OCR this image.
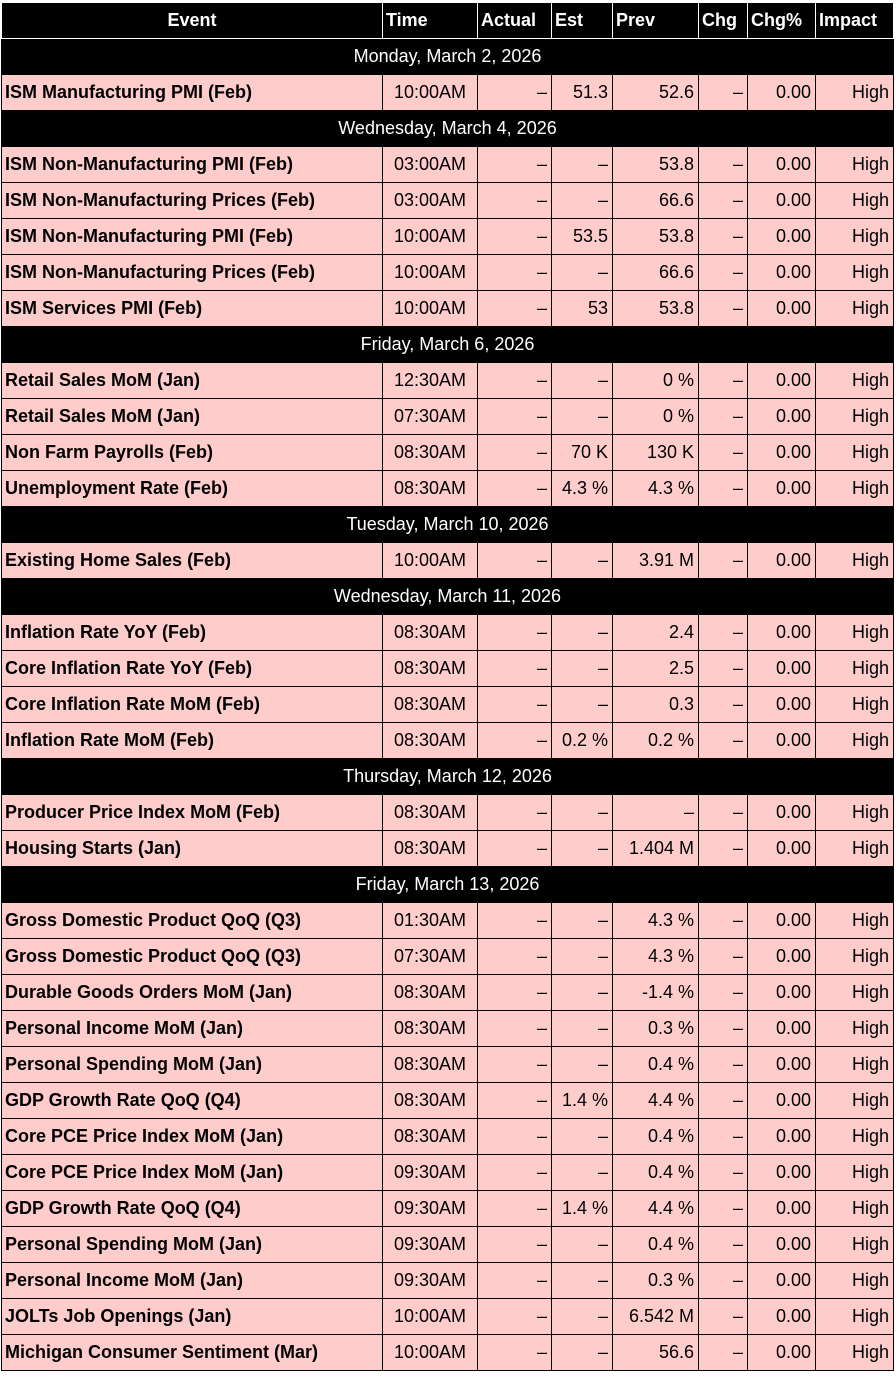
Event	Time	Actual	Est	Prev	Chg	Chg%	Impact
Monday, March 2, 2026							
ISM Manufacturing PMI (Feb)	10:00AM	–	51.3	52.6	–	0.00	High
Wednesday, March 4, 2026							
ISM Non-Manufacturing PMI (Feb)	03:00AM	–	–	53.8	–	0.00	High
ISM Non-Manufacturing Prices (Feb)	03:00AM	–	–	66.6	–	0.00	High
ISM Non-Manufacturing PMI (Feb)	10:00AM	–	53.5	53.8	–	0.00	High
ISM Non-Manufacturing Prices (Feb)	10:00AM	–	–	66.6	–	0.00	High
ISM Services PMI (Feb)	10:00AM	–	53	53.8	–	0.00	High
Friday, March 6, 2026							
Retail Sales MoM (Jan)	12:30AM	–	–	0 %	–	0.00	High
Retail Sales MoM (Jan)	07:30AM	–	–	0 %	–	0.00	High
Non Farm Payrolls (Feb)	08:30AM	–	70 K	130 K	–	0.00	High
Unemployment Rate (Feb)	08:30AM	–	4.3 %	4.3 %	–	0.00	High
Tuesday, March 10, 2026							
Existing Home Sales (Feb)	10:00AM	–	–	3.91 M	–	0.00	High
Wednesday, March 11, 2026							
Inflation Rate YoY (Feb)	08:30AM	–	–	2.4	–	0.00	High
Core Inflation Rate YoY (Feb)	08:30AM	–	–	2.5	–	0.00	High
Core Inflation Rate MoM (Feb)	08:30AM	–	–	0.3	–	0.00	High
Inflation Rate MoM (Feb)	08:30AM	–	0.2 %	0.2 %	–	0.00	High
Thursday, March 12, 2026							
Producer Price Index MoM (Feb)	08:30AM	–	–	–	–	0.00	High
Housing Starts (Jan)	08:30AM	–	–	1.404 M	–	0.00	High
Friday, March 13, 2026							
Gross Domestic Product QoQ (Q3)	01:30AM	–	–	4.3 %	–	0.00	High
Gross Domestic Product QoQ (Q3)	07:30AM	–	–	4.3 %	–	0.00	High
Durable Goods Orders MoM (Jan)	08:30AM	–	–	-1.4 %	–	0.00	High
Personal Income MoM (Jan)	08:30AM	–	–	0.3 %	–	0.00	High
Personal Spending MoM (Jan)	08:30AM	–	–	0.4 %	–	0.00	High
GDP Growth Rate QoQ (Q4)	08:30AM	–	1.4 %	4.4 %	–	0.00	High
Core PCE Price Index MoM (Jan)	08:30AM	–	–	0.4 %	–	0.00	High
Core PCE Price Index MoM (Jan)	09:30AM	–	–	0.4 %	–	0.00	High
GDP Growth Rate QoQ (Q4)	09:30AM	–	1.4 %	4.4 %	–	0.00	High
Personal Spending MoM (Jan)	09:30AM	–	–	0.4 %	–	0.00	High
Personal Income MoM (Jan)	09:30AM	–	–	0.3 %	–	0.00	High
JOLTs Job Openings (Jan)	10:00AM	–	–	6.542 M	–	0.00	High
Michigan Consumer Sentiment (Mar)	10:00AM	–	–	56.6	–	0.00	High
